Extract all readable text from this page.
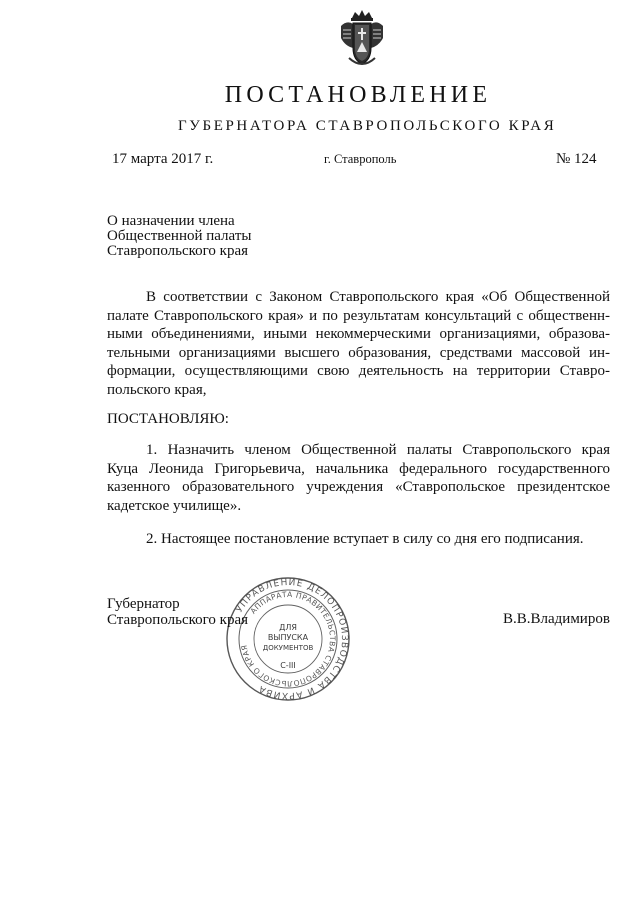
ПОСТАНОВЛЕНИЕ
ГУБЕРНАТОРА СТАВРОПОЛЬСКОГО КРАЯ
17 марта 2017 г.	г. Ставрополь	№ 124
О назначении члена
Общественной палаты
Ставропольского края
В соответствии с Законом Ставропольского края «Об Общественной
палате Ставропольского края» и по результатам консультаций с общественн-
ными объединениями, иными некоммерческими организациями, образова-
тельными организациями высшего образования, средствами массовой ин-
формации, осуществляющими свою деятельность на территории Ставро-
польского края,
ПОСТАНОВЛЯЮ:
1. Назначить членом Общественной палаты Ставропольского края
Куца Леонида Григорьевича, начальника федерального государственного
казенного образовательного учреждения «Ставропольское президентское
кадетское училище».
2. Настоящее постановление вступает в силу со дня его подписания.
УПРАВЛЕНИЕ ДЕЛОПРОИЗВОДСТВА И АРХИВА
АППАРАТА ПРАВИТЕЛЬСТВА СТАВРОПОЛЬСКОГО КРАЯ
ДЛЯ
ВЫПУСКА
ДОКУМЕНТОВ
С-III
Губернатор
Ставропольского края	В.В.Владимиров
